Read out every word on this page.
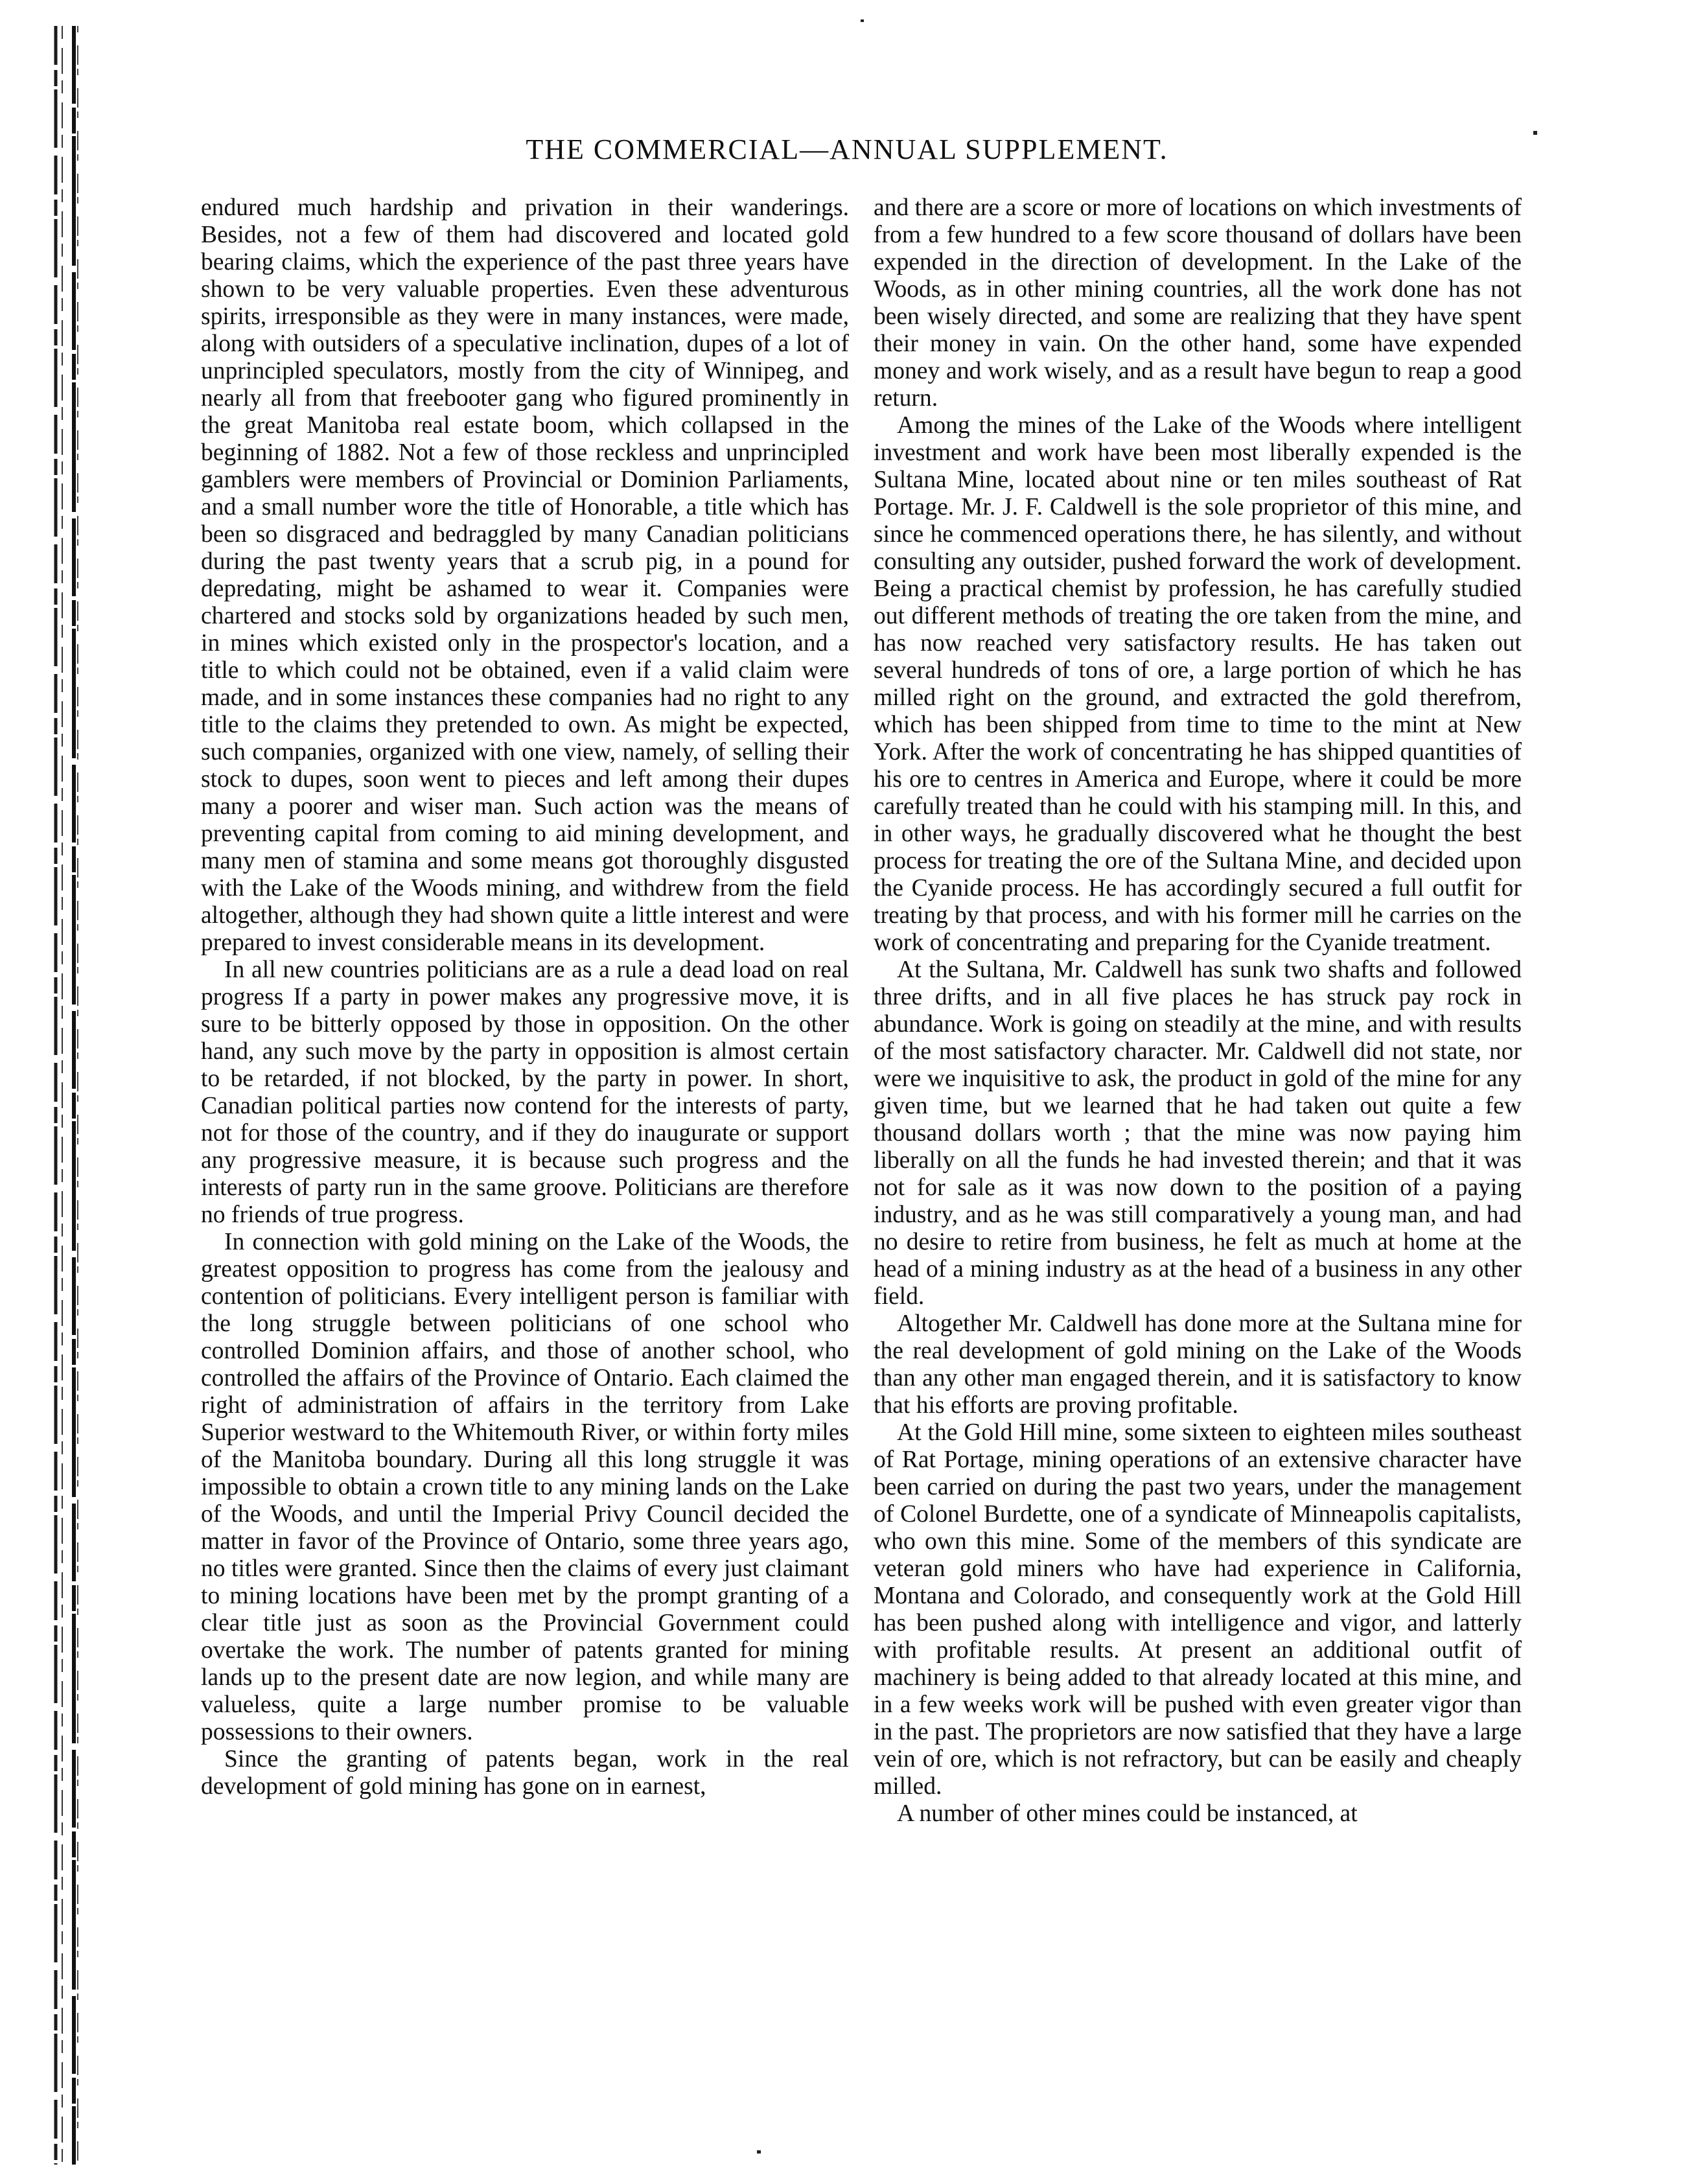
THE COMMERCIAL—ANNUAL SUPPLEMENT.

endured much hardship and privation in their wanderings. Besides, not a few of them had discovered and located gold bearing claims, which the experience of the past three years have shown to be very valuable properties. Even these adventurous spirits, irresponsible as they were in many instances, were made, along with outsiders of a speculative inclination, dupes of a lot of unprincipled speculators, mostly from the city of Winnipeg, and nearly all from that freebooter gang who figured prominently in the great Manitoba real estate boom, which collapsed in the beginning of 1882. Not a few of those reckless and unprincipled gamblers were members of Provincial or Dominion Parliaments, and a small number wore the title of Honorable, a title which has been so disgraced and bedraggled by many Canadian politicians during the past twenty years that a scrub pig, in a pound for depredating, might be ashamed to wear it. Companies were chartered and stocks sold by organizations headed by such men, in mines which existed only in the prospector's location, and a title to which could not be obtained, even if a valid claim were made, and in some instances these companies had no right to any title to the claims they pretended to own. As might be expected, such companies, organized with one view, namely, of selling their stock to dupes, soon went to pieces and left among their dupes many a poorer and wiser man. Such action was the means of preventing capital from coming to aid mining development, and many men of stamina and some means got thoroughly disgusted with the Lake of the Woods mining, and withdrew from the field altogether, although they had shown quite a little interest and were prepared to invest considerable means in its development.

In all new countries politicians are as a rule a dead load on real progress If a party in power makes any progressive move, it is sure to be bitterly opposed by those in opposition. On the other hand, any such move by the party in opposition is almost certain to be retarded, if not blocked, by the party in power. In short, Canadian political parties now contend for the interests of party, not for those of the country, and if they do inaugurate or support any progressive measure, it is because such progress and the interests of party run in the same groove. Politicians are therefore no friends of true progress.

In connection with gold mining on the Lake of the Woods, the greatest opposition to progress has come from the jealousy and contention of politicians. Every intelligent person is familiar with the long struggle between politicians of one school who controlled Dominion affairs, and those of another school, who controlled the affairs of the Province of Ontario. Each claimed the right of administration of affairs in the territory from Lake Superior westward to the Whitemouth River, or within forty miles of the Manitoba boundary. During all this long struggle it was impossible to obtain a crown title to any mining lands on the Lake of the Woods, and until the Imperial Privy Council decided the matter in favor of the Province of Ontario, some three years ago, no titles were granted. Since then the claims of every just claimant to mining locations have been met by the prompt granting of a clear title just as soon as the Provincial Government could overtake the work. The number of patents granted for mining lands up to the present date are now legion, and while many are valueless, quite a large number promise to be valuable possessions to their owners.

Since the granting of patents began, work in the real development of gold mining has gone on in earnest,

and there are a score or more of locations on which investments of from a few hundred to a few score thousand of dollars have been expended in the direction of development. In the Lake of the Woods, as in other mining countries, all the work done has not been wisely directed, and some are realizing that they have spent their money in vain. On the other hand, some have expended money and work wisely, and as a result have begun to reap a good return.

Among the mines of the Lake of the Woods where intelligent investment and work have been most liberally expended is the Sultana Mine, located about nine or ten miles southeast of Rat Portage. Mr. J. F. Caldwell is the sole proprietor of this mine, and since he commenced operations there, he has silently, and without consulting any outsider, pushed forward the work of development. Being a practical chemist by profession, he has carefully studied out different methods of treating the ore taken from the mine, and has now reached very satisfactory results. He has taken out several hundreds of tons of ore, a large portion of which he has milled right on the ground, and extracted the gold therefrom, which has been shipped from time to time to the mint at New York. After the work of concentrating he has shipped quantities of his ore to centres in America and Europe, where it could be more carefully treated than he could with his stamping mill. In this, and in other ways, he gradually discovered what he thought the best process for treating the ore of the Sultana Mine, and decided upon the Cyanide process. He has accordingly secured a full outfit for treating by that process, and with his former mill he carries on the work of concentrating and preparing for the Cyanide treatment.

At the Sultana, Mr. Caldwell has sunk two shafts and followed three drifts, and in all five places he has struck pay rock in abundance. Work is going on steadily at the mine, and with results of the most satisfactory character. Mr. Caldwell did not state, nor were we inquisitive to ask, the product in gold of the mine for any given time, but we learned that he had taken out quite a few thousand dollars worth ; that the mine was now paying him liberally on all the funds he had invested therein; and that it was not for sale as it was now down to the position of a paying industry, and as he was still comparatively a young man, and had no desire to retire from business, he felt as much at home at the head of a mining industry as at the head of a business in any other field.

Altogether Mr. Caldwell has done more at the Sultana mine for the real development of gold mining on the Lake of the Woods than any other man engaged therein, and it is satisfactory to know that his efforts are proving profitable.

At the Gold Hill mine, some sixteen to eighteen miles southeast of Rat Portage, mining operations of an extensive character have been carried on during the past two years, under the management of Colonel Burdette, one of a syndicate of Minneapolis capitalists, who own this mine. Some of the members of this syndicate are veteran gold miners who have had experience in California, Montana and Colorado, and consequently work at the Gold Hill has been pushed along with intelligence and vigor, and latterly with profitable results. At present an additional outfit of machinery is being added to that already located at this mine, and in a few weeks work will be pushed with even greater vigor than in the past. The proprietors are now satisfied that they have a large vein of ore, which is not refractory, but can be easily and cheaply milled.

A number of other mines could be instanced, at
